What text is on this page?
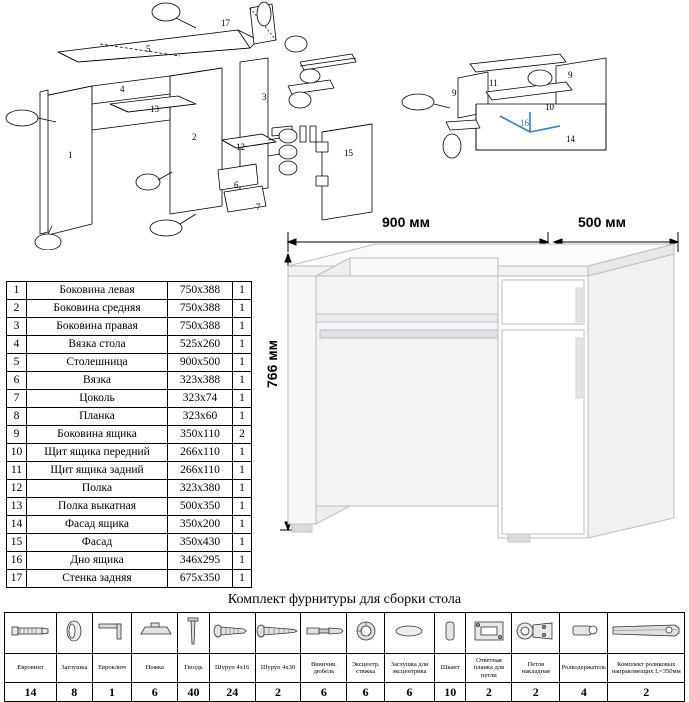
17
5
4
13
1
2
3
12
6
7
15
11
9
10
14
16
9
1	Боковина левая	750x388	1
2	Боковина средняя	750x388	1
3	Боковина правая	750x388	1
4	Вязка стола	525x260	1
5	Столешница	900x500	1
6	Вязка	323x388	1
7	Цоколь	323x74	1
8	Планка	323x60	1
9	Боковина ящика	350x110	2
10	Щит ящика передний	266x110	1
11	Щит ящика задний	266x110	1
12	Полка	323x380	1
13	Полка выкатная	500x350	1
14	Фасад ящика	350x200	1
15	Фасад	350x430	1
16	Дно ящика	346x295	1
17	Стенка задняя	675x350	1
900 мм	500 мм
766 мм
Комплект фурнитуры для сборки стола

Евровинт	Заглушка	Евроключ	Ножка	Гвоздь	Шуруп 4х16	Шуруп 4х30	Ввинчив. дюбель	Эксцентр. стяжка	Заглушка для эксцентрика	Шкант	Ответная планка для петли	Петля накладная	Ролкодержатель	Комплект роликовых направляющих L=350мм
14	8	1	6	40	24	2	6	6	6	10	2	2	4	2
